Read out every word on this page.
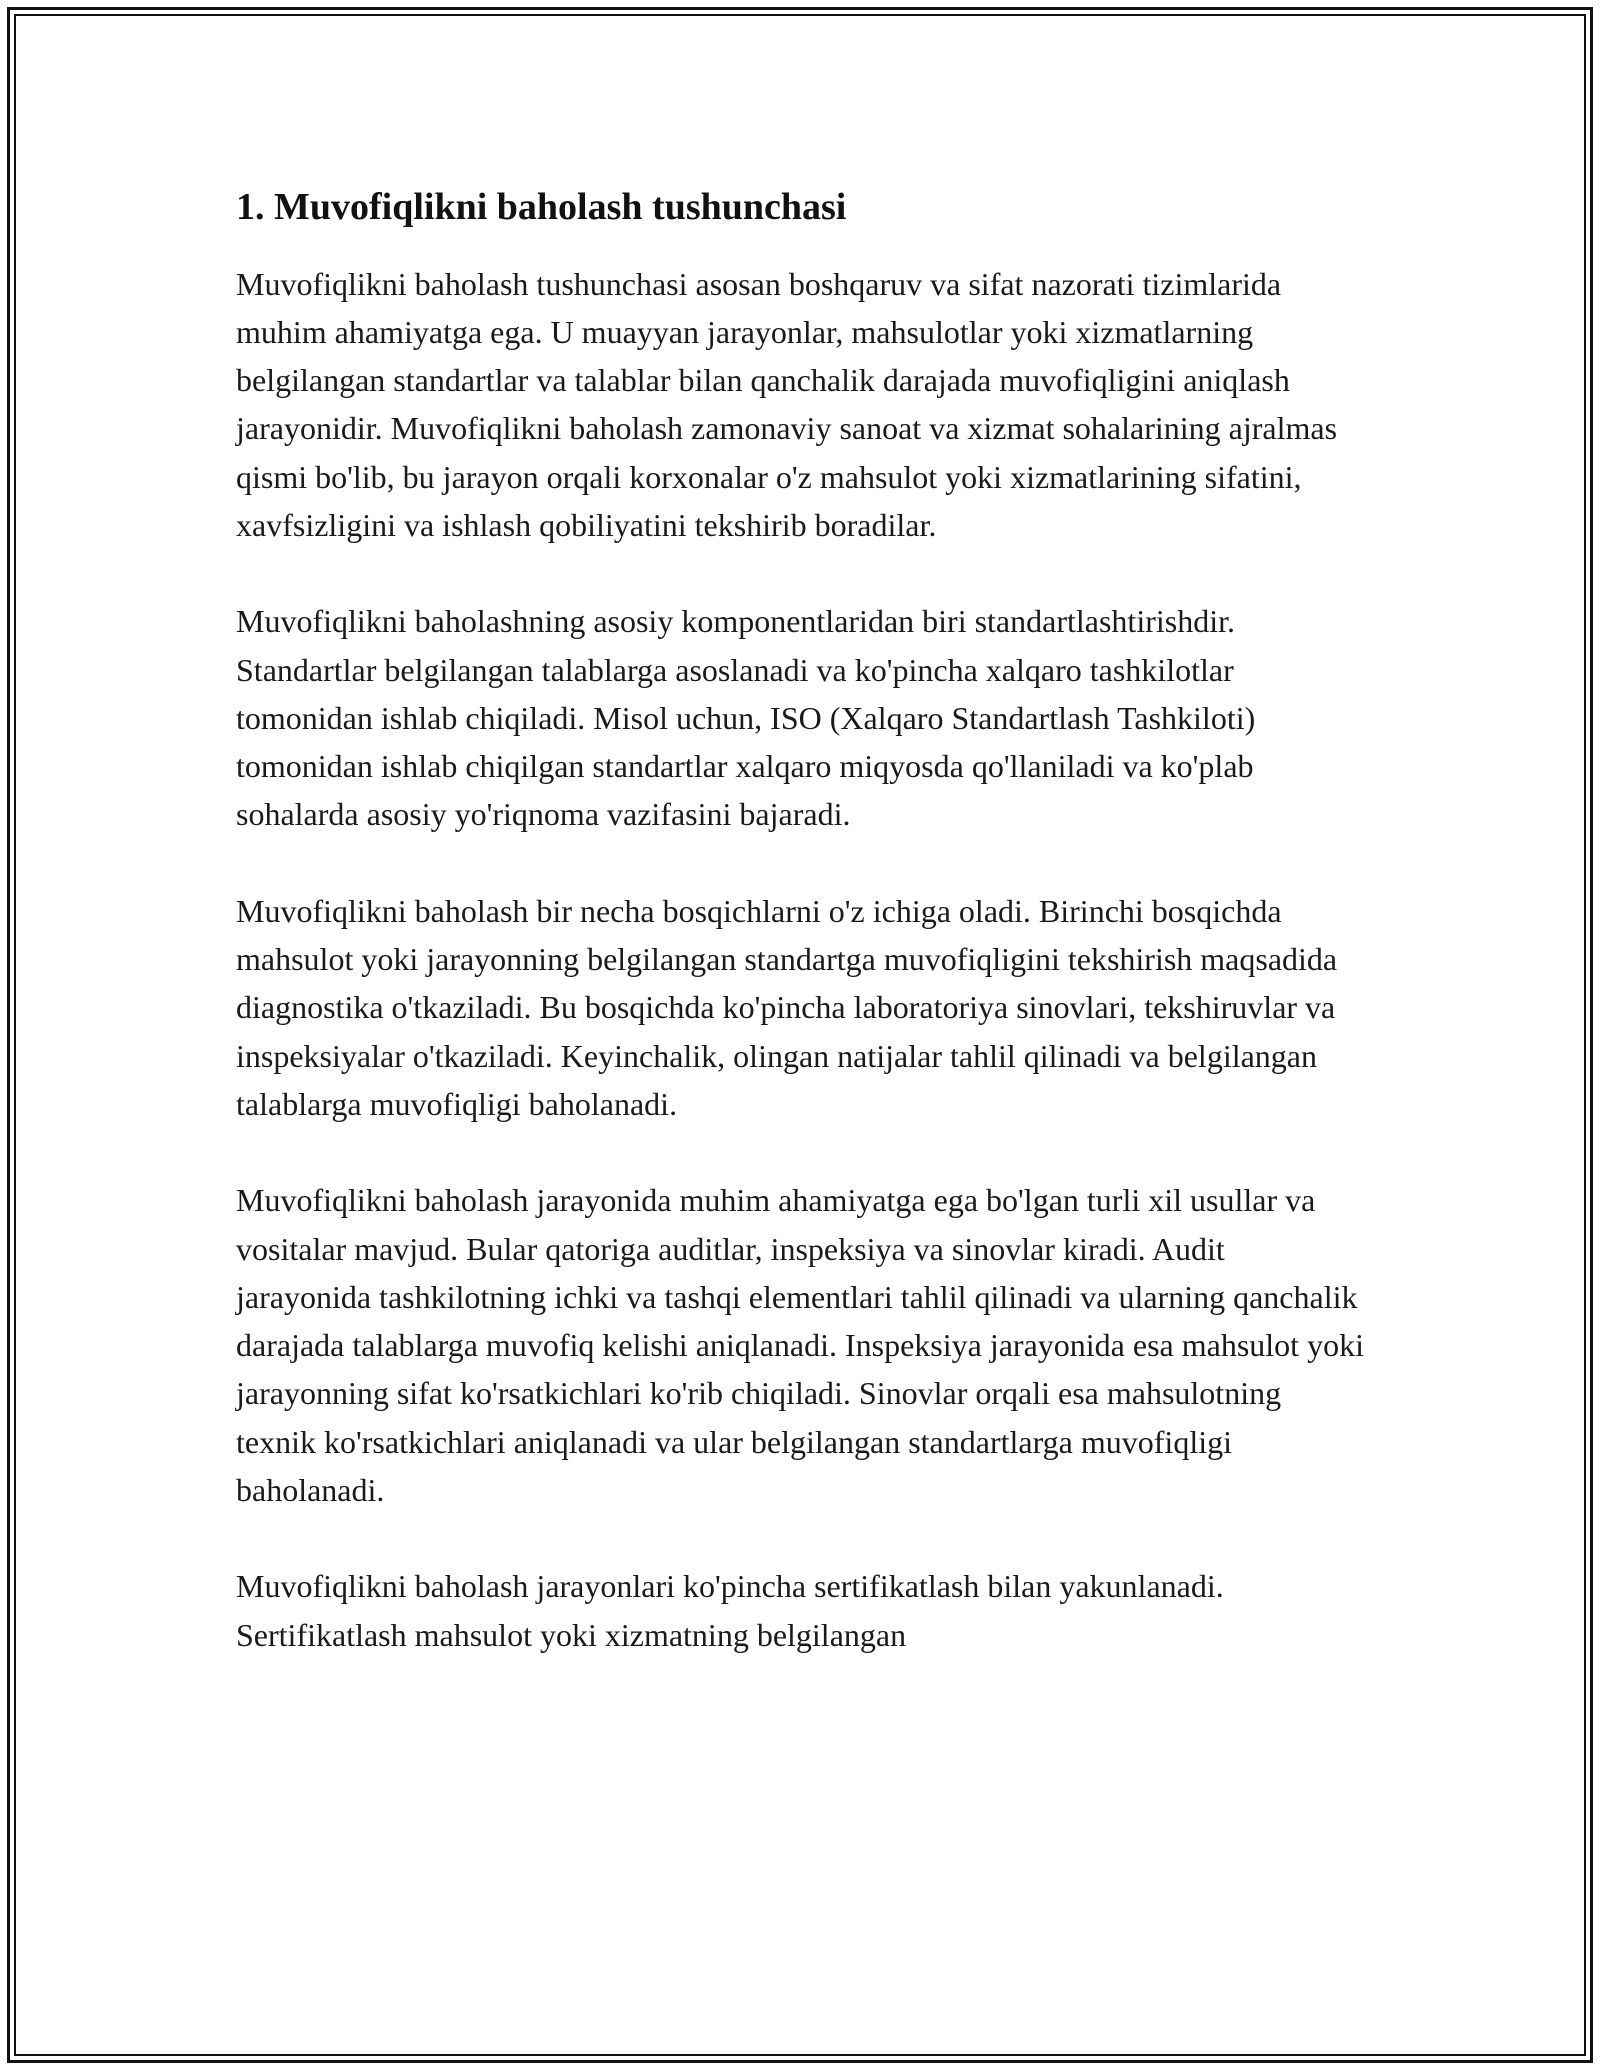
1. Muvofiqlikni baholash tushunchasi

Muvofiqlikni baholash tushunchasi asosan boshqaruv va sifat nazorati tizimlarida muhim ahamiyatga ega. U muayyan jarayonlar, mahsulotlar yoki xizmatlarning belgilangan standartlar va talablar bilan qanchalik darajada muvofiqligini aniqlash jarayonidir. Muvofiqlikni baholash zamonaviy sanoat va xizmat sohalarining ajralmas qismi bo'lib, bu jarayon orqali korxonalar o'z mahsulot yoki xizmatlarining sifatini, xavfsizligini va ishlash qobiliyatini tekshirib boradilar.

Muvofiqlikni baholashning asosiy komponentlaridan biri standartlashtirishdir. Standartlar belgilangan talablarga asoslanadi va ko'pincha xalqaro tashkilotlar tomonidan ishlab chiqiladi. Misol uchun, ISO (Xalqaro Standartlash Tashkiloti) tomonidan ishlab chiqilgan standartlar xalqaro miqyosda qo'llaniladi va ko'plab sohalarda asosiy yo'riqnoma vazifasini bajaradi.

Muvofiqlikni baholash bir necha bosqichlarni o'z ichiga oladi. Birinchi bosqichda mahsulot yoki jarayonning belgilangan standartga muvofiqligini tekshirish maqsadida diagnostika o'tkaziladi. Bu bosqichda ko'pincha laboratoriya sinovlari, tekshiruvlar va inspeksiyalar o'tkaziladi. Keyinchalik, olingan natijalar tahlil qilinadi va belgilangan talablarga muvofiqligi baholanadi.

Muvofiqlikni baholash jarayonida muhim ahamiyatga ega bo'lgan turli xil usullar va vositalar mavjud. Bular qatoriga auditlar, inspeksiya va sinovlar kiradi. Audit jarayonida tashkilotning ichki va tashqi elementlari tahlil qilinadi va ularning qanchalik darajada talablarga muvofiq kelishi aniqlanadi. Inspeksiya jarayonida esa mahsulot yoki jarayonning sifat ko'rsatkichlari ko'rib chiqiladi. Sinovlar orqali esa mahsulotning texnik ko'rsatkichlari aniqlanadi va ular belgilangan standartlarga muvofiqligi baholanadi.

Muvofiqlikni baholash jarayonlari ko'pincha sertifikatlash bilan yakunlanadi. Sertifikatlash mahsulot yoki xizmatning belgilangan
